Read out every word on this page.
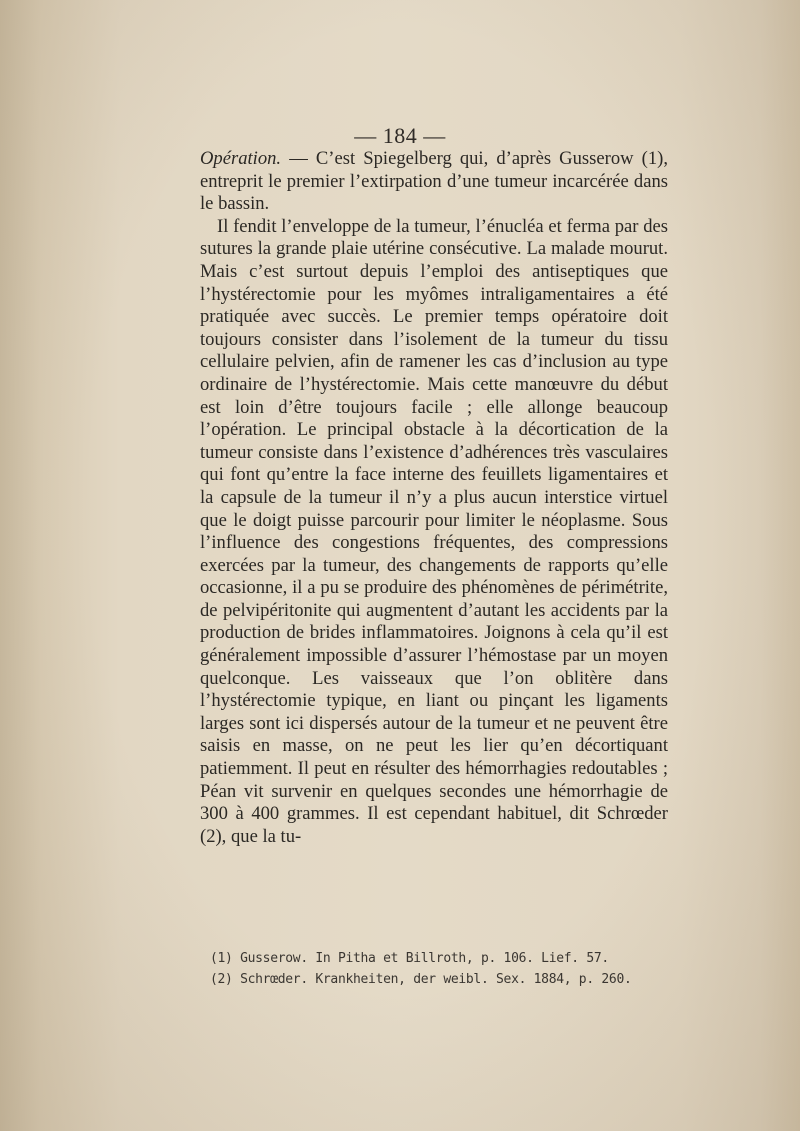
— 184 —

Opération. — C’est Spiegelberg qui, d’après Gusserow (1), entreprit le premier l’extirpation d’une tumeur incarcérée dans le bassin.

Il fendit l’enveloppe de la tumeur, l’énucléa et ferma par des sutures la grande plaie utérine consécutive. La malade mourut. Mais c’est surtout depuis l’emploi des antiseptiques que l’hystérectomie pour les myômes intraligamentaires a été pratiquée avec succès. Le premier temps opératoire doit toujours consister dans l’isolement de la tumeur du tissu cellulaire pelvien, afin de ramener les cas d’inclusion au type ordinaire de l’hystérectomie. Mais cette manœuvre du début est loin d’être toujours facile ; elle allonge beaucoup l’opération. Le principal obstacle à la décortication de la tumeur consiste dans l’existence d’adhérences très vasculaires qui font qu’entre la face interne des feuillets ligamentaires et la capsule de la tumeur il n’y a plus aucun interstice virtuel que le doigt puisse parcourir pour limiter le néoplasme. Sous l’influence des congestions fréquentes, des compressions exercées par la tumeur, des changements de rapports qu’elle occasionne, il a pu se produire des phénomènes de périmétrite, de pelvipéritonite qui augmentent d’autant les accidents par la production de brides inflammatoires. Joignons à cela qu’il est généralement impossible d’assurer l’hémostase par un moyen quelconque. Les vaisseaux que l’on oblitère dans l’hystérectomie typique, en liant ou pinçant les ligaments larges sont ici dispersés autour de la tumeur et ne peuvent être saisis en masse, on ne peut les lier qu’en décortiquant patiemment. Il peut en résulter des hémorrhagies redoutables ; Péan vit survenir en quelques secondes une hémorrhagie de 300 à 400 grammes. Il est cependant habituel, dit Schrœder (2), que la tu-

(1) Gusserow. In Pitha et Billroth, p. 106. Lief. 57.
(2) Schrœder. Krankheiten, der weibl. Sex. 1884, p. 260.
